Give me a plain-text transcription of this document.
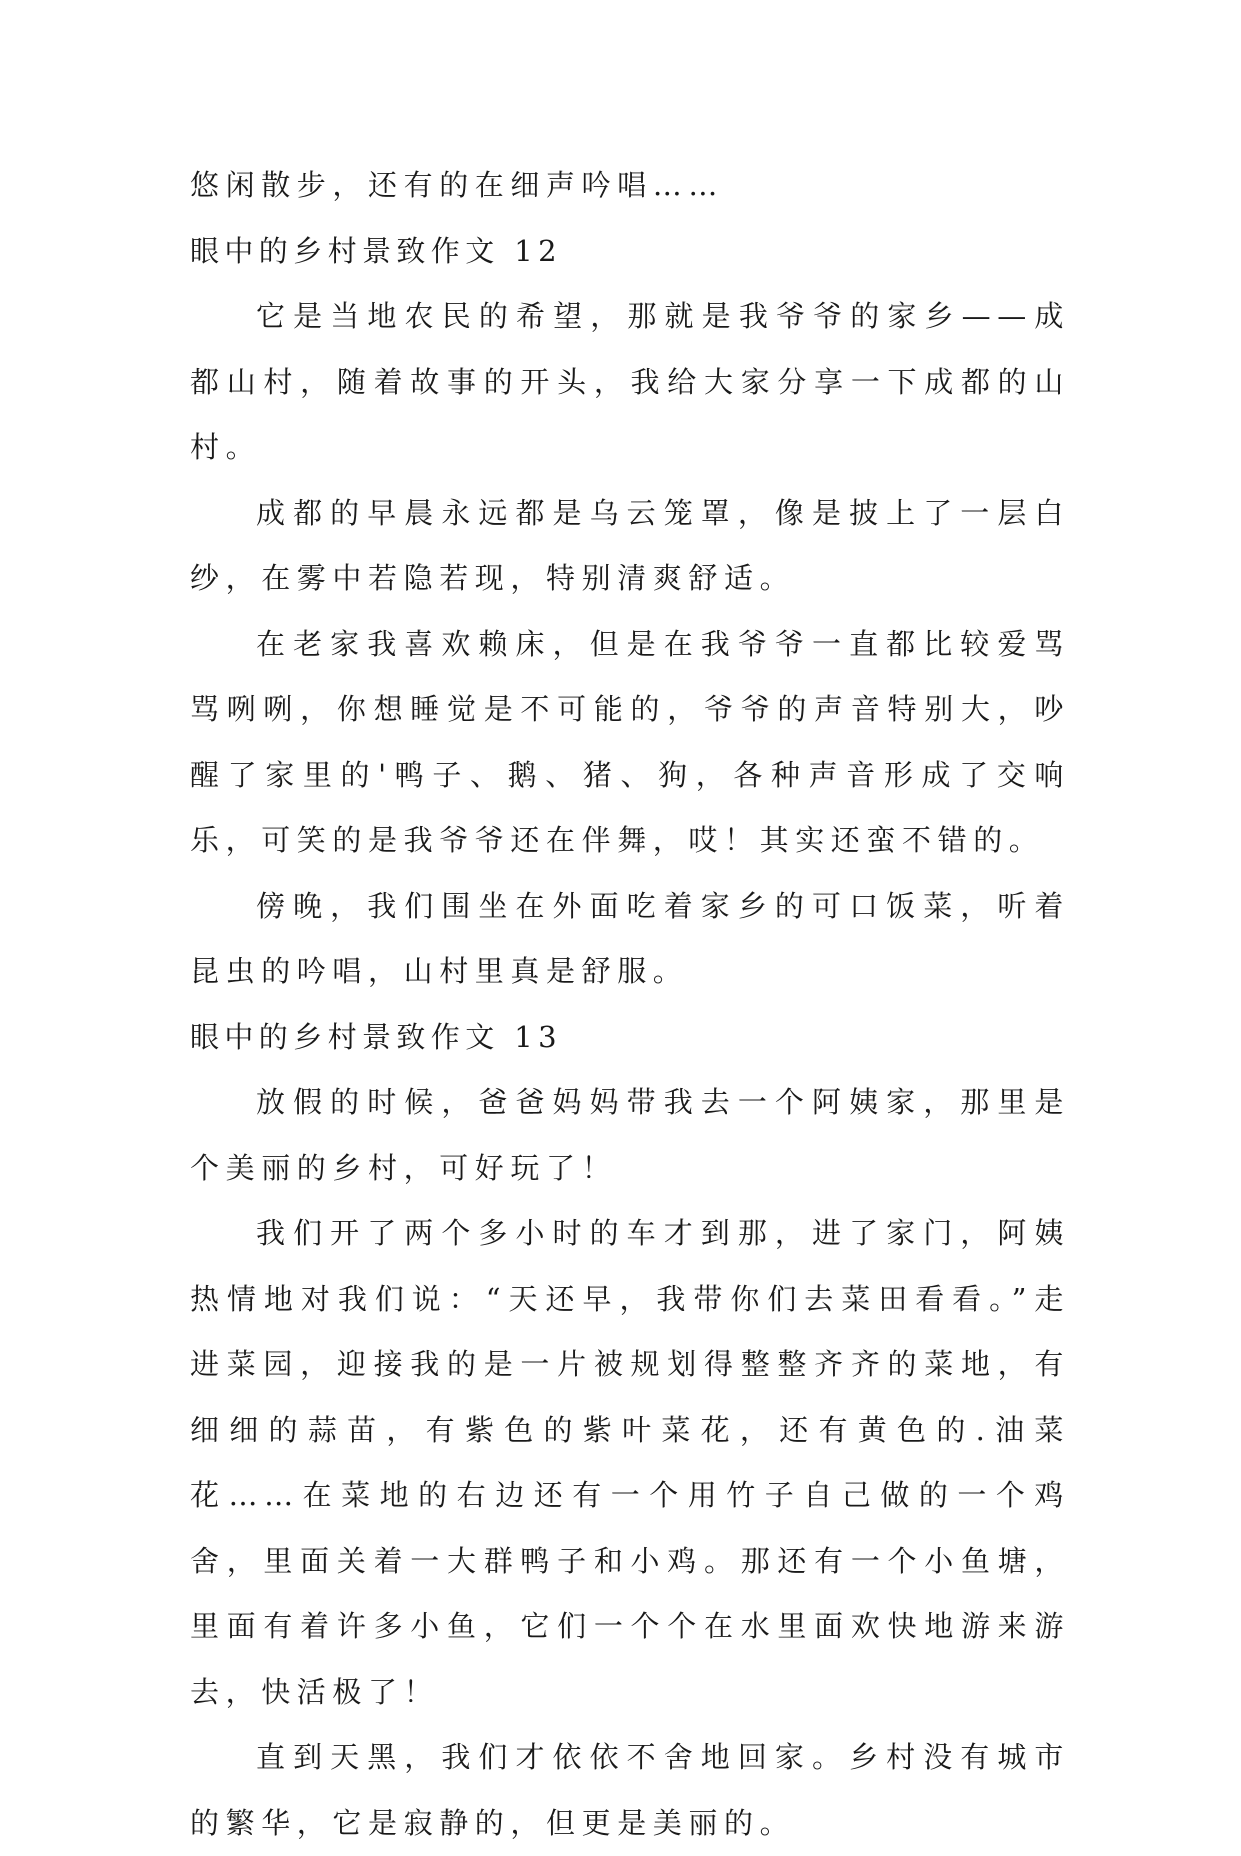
悠闲散步，还有的在细声吟唱……

眼中的乡村景致作文 12

它是当地农民的希望，那就是我爷爷的家乡——成都山村，随着故事的开头，我给大家分享一下成都的山村。

成都的早晨永远都是乌云笼罩，像是披上了一层白纱，在雾中若隐若现，特别清爽舒适。

在老家我喜欢赖床，但是在我爷爷一直都比较爱骂骂咧咧，你想睡觉是不可能的，爷爷的声音特别大，吵醒了家里的'鸭子、鹅、猪、狗，各种声音形成了交响乐，可笑的是我爷爷还在伴舞，哎！其实还蛮不错的。

傍晚，我们围坐在外面吃着家乡的可口饭菜，听着昆虫的吟唱，山村里真是舒服。

眼中的乡村景致作文 13

放假的时候，爸爸妈妈带我去一个阿姨家，那里是个美丽的乡村，可好玩了！

我们开了两个多小时的车才到那，进了家门，阿姨热情地对我们说：“天还早，我带你们去菜田看看。”走进菜园，迎接我的是一片被规划得整整齐齐的菜地，有细细的蒜苗，有紫色的紫叶菜花，还有黄色的.油菜花……在菜地的右边还有一个用竹子自己做的一个鸡舍，里面关着一大群鸭子和小鸡。那还有一个小鱼塘，里面有着许多小鱼，它们一个个在水里面欢快地游来游去，快活极了！

直到天黑，我们才依依不舍地回家。乡村没有城市的繁华，它是寂静的，但更是美丽的。
